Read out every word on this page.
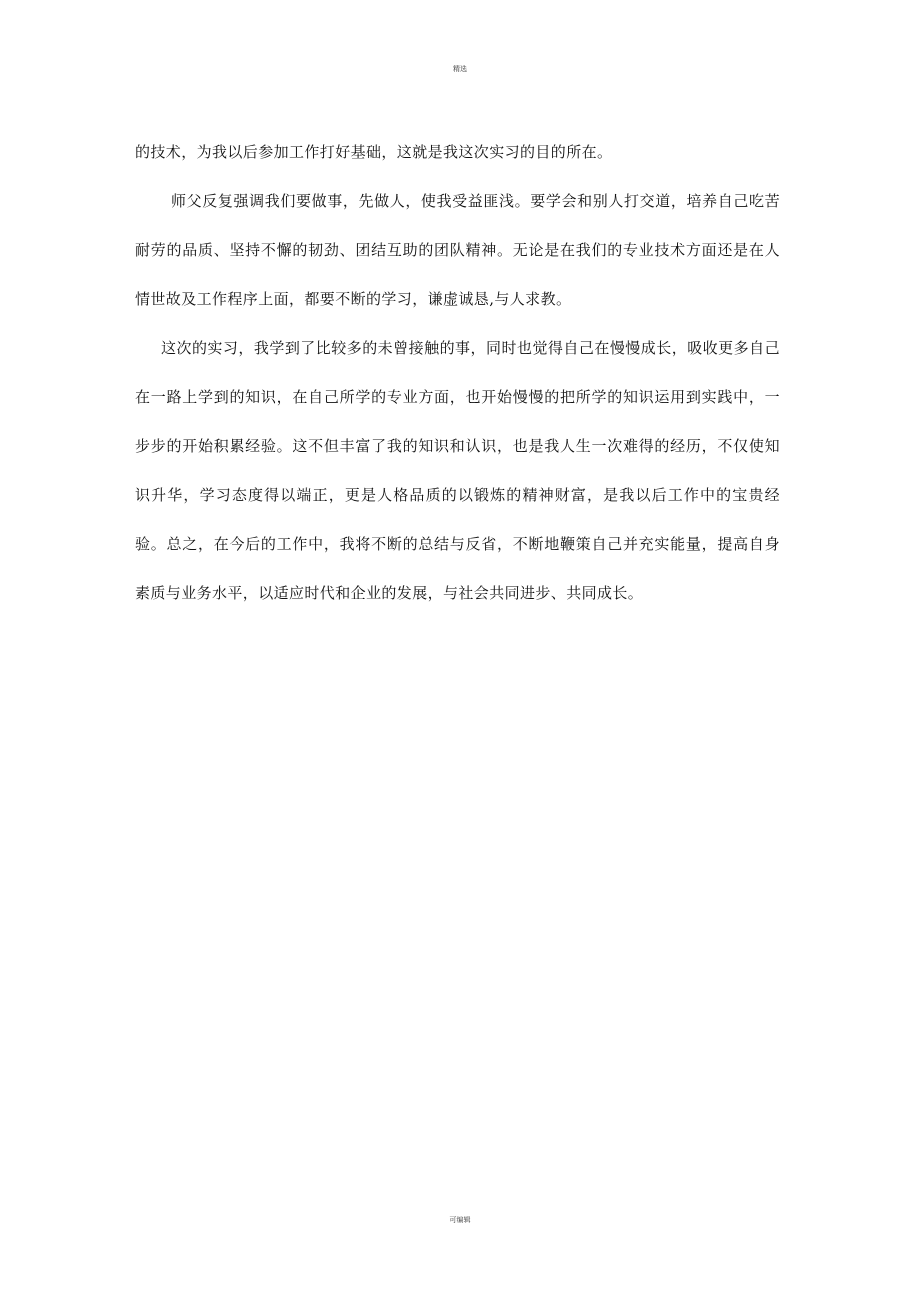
精选

的技术，为我以后参加工作打好基础，这就是我这次实习的目的所在。

师父反复强调我们要做事，先做人，使我受益匪浅。要学会和别人打交道，培养自己吃苦耐劳的品质、坚持不懈的韧劲、团结互助的团队精神。无论是在我们的专业技术方面还是在人情世故及工作程序上面，都要不断的学习，谦虚诚恳,与人求教。

这次的实习，我学到了比较多的未曾接触的事，同时也觉得自己在慢慢成长，吸收更多自己在一路上学到的知识，在自己所学的专业方面，也开始慢慢的把所学的知识运用到实践中，一步步的开始积累经验。这不但丰富了我的知识和认识，也是我人生一次难得的经历，不仅使知识升华，学习态度得以端正，更是人格品质的以锻炼的精神财富，是我以后工作中的宝贵经验。总之，在今后的工作中，我将不断的总结与反省，不断地鞭策自己并充实能量，提高自身素质与业务水平，以适应时代和企业的发展，与社会共同进步、共同成长。

可编辑
